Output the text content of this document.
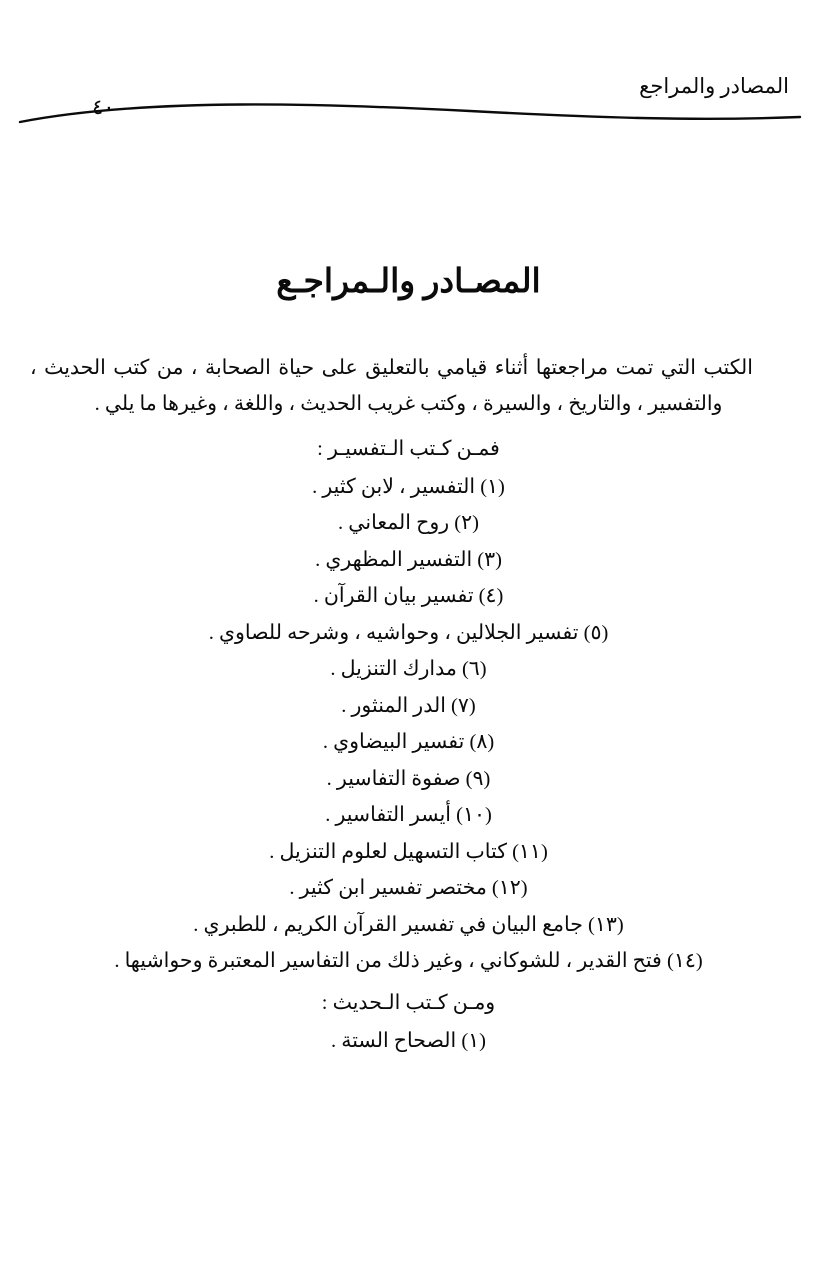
المصادر والمراجع
٤٠
المصـادر والـمراجـع

الكتب التي تمت مراجعتها أثناء قيامي بالتعليق على حياة الصحابة ، من كتب الحديث ، والتفسير ، والتاريخ ، والسيرة ، وكتب غريب الحديث ، واللغة ، وغيرها ما يلي .

فمـن كـتب الـتفسيـر :
(١) التفسير ، لابن كثير .
(٢) روح المعاني .
(٣) التفسير المظهري .
(٤) تفسير بيان القرآن .
(٥) تفسير الجلالين ، وحواشيه ، وشرحه للصاوي .
(٦) مدارك التنزيل .
(٧) الدر المنثور .
(٨) تفسير البيضاوي .
(٩) صفوة التفاسير .
(١٠) أيسر التفاسير .
(١١) كتاب التسهيل لعلوم التنزيل .
(١٢) مختصر تفسير ابن كثير .
(١٣) جامع البيان في تفسير القرآن الكريم ، للطبري .
(١٤) فتح القدير ، للشوكاني ، وغير ذلك من التفاسير المعتبرة وحواشيها .
ومـن كـتب الـحديث :
(١) الصحاح الستة .
